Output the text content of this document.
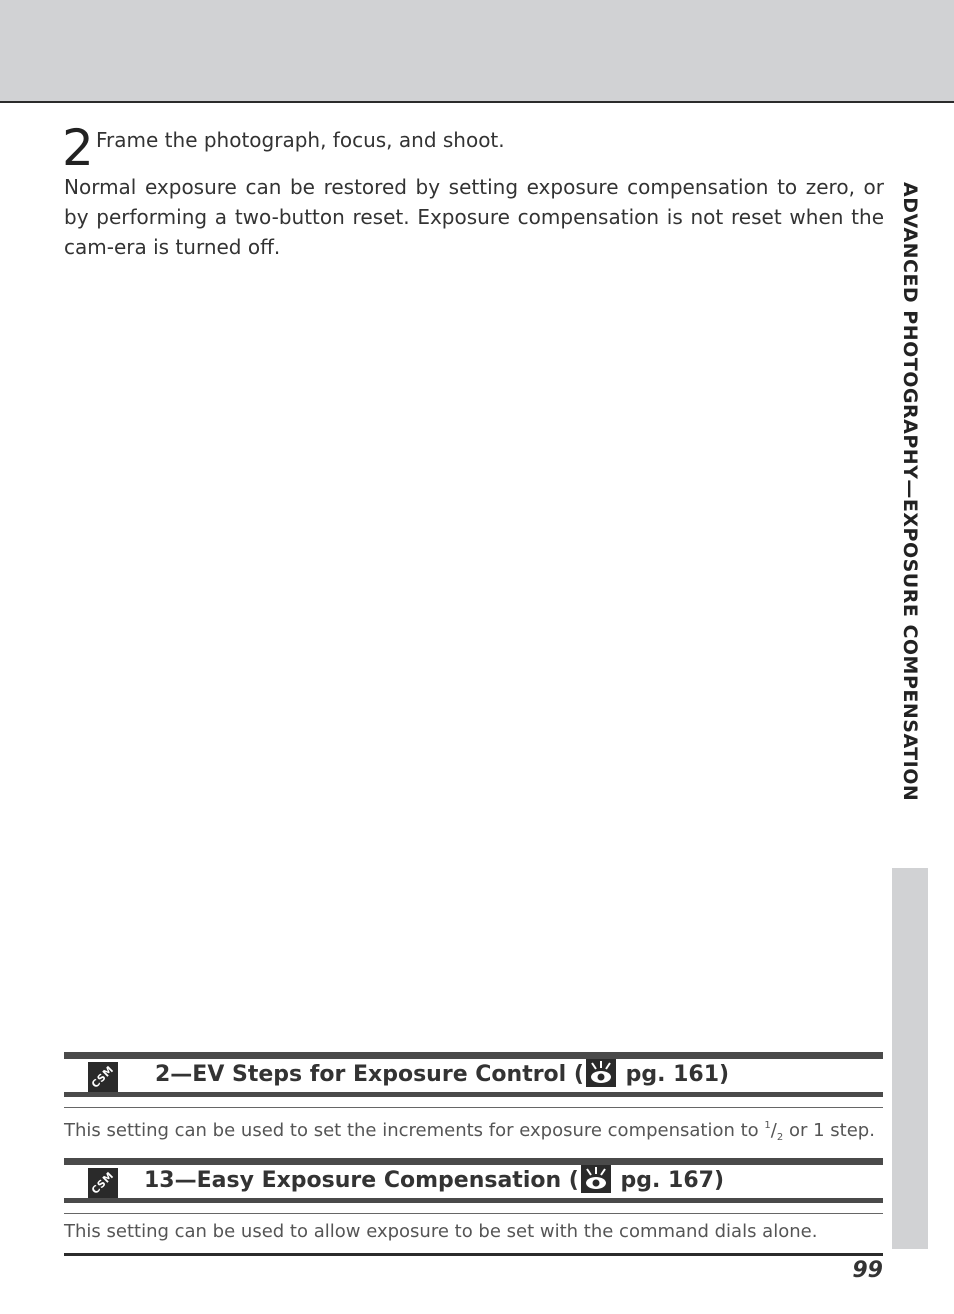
2 Frame the photograph, focus, and shoot.

Normal exposure can be restored by setting exposure compensation to zero, or by performing a two-button reset. Exposure compensation is not reset when the cam-era is turned off.	ADVANCED PHOTOGRAPHY—EXPOSURE COMPENSATION
CSM 2—EV Steps for Exposure Control ( pg. 161)
This setting can be used to set the increments for exposure compensation to $^1/_2$ or 1 step.
CSM 13—Easy Exposure Compensation ( pg. 167)
This setting can be used to allow exposure to be set with the command dials alone.
99
